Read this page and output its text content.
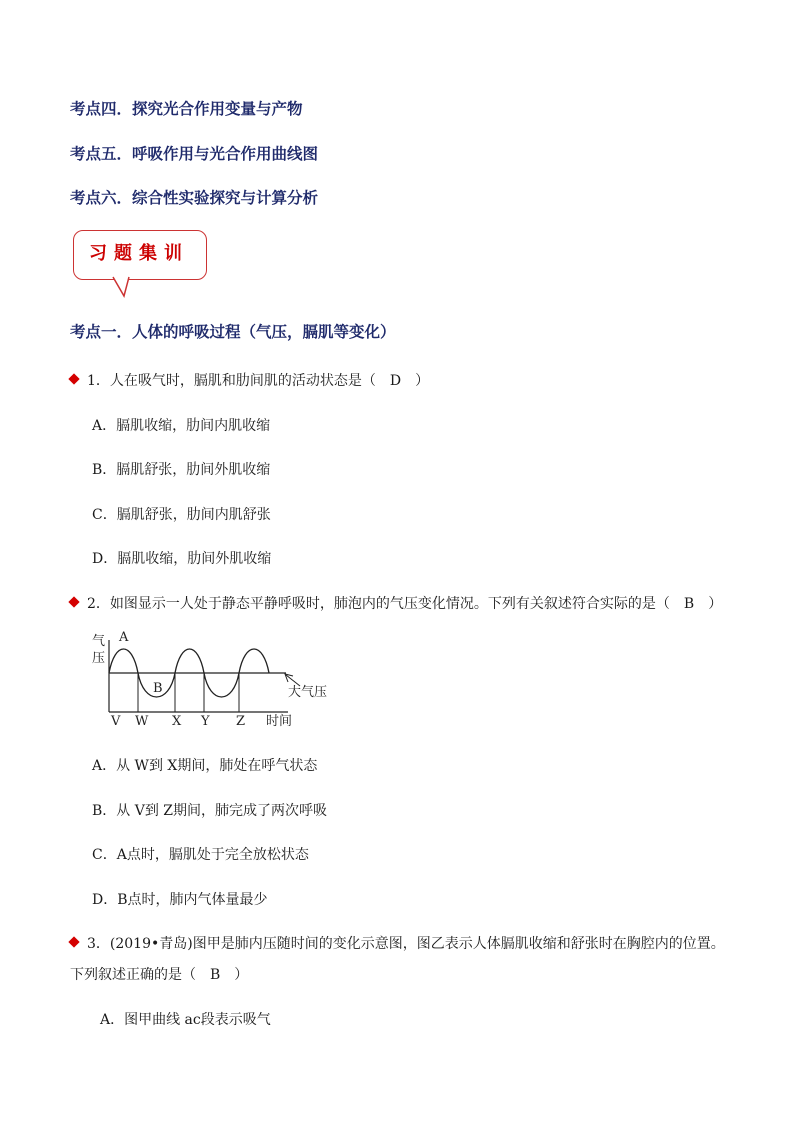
考点四．探究光合作用变量与产物
考点五．呼吸作用与光合作用曲线图
考点六．综合性实验探究与计算分析
习题集训
考点一．人体的呼吸过程（气压，膈肌等变化）
1．人在吸气时，膈肌和肋间肌的活动状态是（　D　）
A．膈肌收缩，肋间内肌收缩
B．膈肌舒张，肋间外肌收缩
C．膈肌舒张，肋间内肌舒张
D．膈肌收缩，肋间外肌收缩
2．如图显示一人处于静态平静呼吸时，肺泡内的气压变化情况。下列有关叙述符合实际的是（　B　）
气
压
A
B	大气压
V W X Y Z 时间
A．从 W到 X期间，肺处在呼气状态
B．从 V到 Z期间，肺完成了两次呼吸
C．A点时，膈肌处于完全放松状态
D．B点时，肺内气体量最少
3．(2019•青岛)图甲是肺内压随时间的变化示意图，图乙表示人体膈肌收缩和舒张时在胸腔内的位置。
下列叙述正确的是（　B　）
A．图甲曲线 ac段表示吸气
